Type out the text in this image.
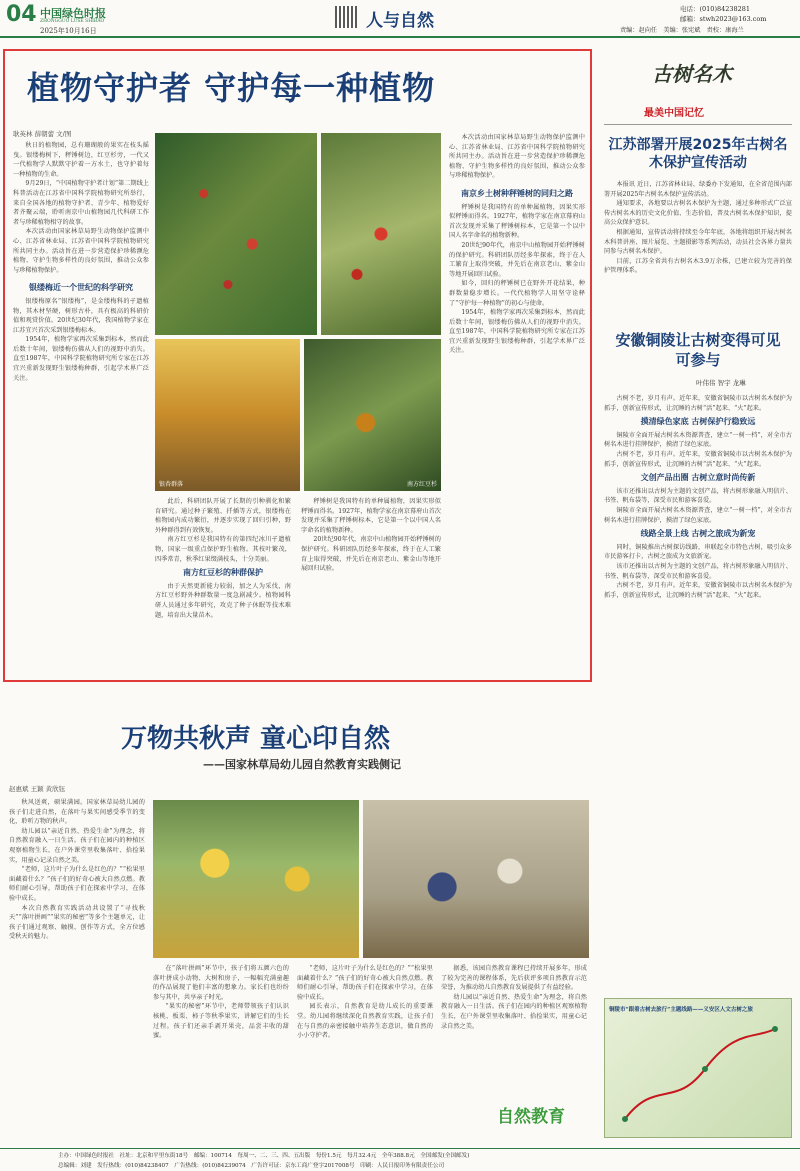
04 中国绿色时报
ZHONGGUO LÜSE SHIBAO
2025年10月16日	人与自然
电话：(010)84238281
邮箱：stwh2023@163.com
责编：赵向任　美编：张宪斌　责校：康海兰
植物守护者 守护每一种植物
耿英林 薛朝蕾 文/图

秋日的植物园，总有珊瑚般的果实在枝头摇曳。银缕梅树下，秤锤树边，红豆杉旁，一代又一代植物学人默默守护着一方水土，也守护着每一种植物的生命。

9月29日，“中国植物守护者计划”第二期线上科普活动在江苏省中国科学院植物研究所举行，来自全国各地的植物守护者、青少年、植物爱好者齐聚云端，聆听南京中山植物园几代科研工作者与珍稀植物相守的故事。

本次活动由国家林草局野生动物保护监测中心、江苏省林业局、江苏省中国科学院植物研究所共同主办。活动旨在进一步营造保护珍稀濒危植物、守护生物多样性的良好氛围，推动公众参与珍稀植物保护。

银缕梅近一个世纪的科学研究

银缕梅原名“银缕梅”，是金缕梅科的孑遗植物，其木材坚硬，树形古朴，具有极高的科研价值和观赏价值。20世纪30年代，我国植物学家在江苏宜兴首次采到银缕梅标本。

1954年，植物学家再次采集到标本，然而此后数十年间，银缕梅仿佛从人们的视野中消失。直至1987年，中国科学院植物研究所专家在江苏宜兴重新发现野生银缕梅种群，引起学术界广泛关注。

银杏群落	南方红豆杉

此后，科研团队开展了长期的引种驯化和繁育研究。通过种子繁殖、扦插等方式，银缕梅在植物园内成功繁衍，并逐步实现了回归引种，野外种群得到有效恢复。

南方红豆杉是我国特有的第四纪冰川孑遗植物，国家一级重点保护野生植物。其枝叶繁茂，四季常青，秋季红果缀满枝头，十分美丽。

南方红豆杉的种群保护

由于天然更新能力较弱，加之人为采伐，南方红豆杉野外种群数量一度急剧减少。植物园科研人员通过多年研究，攻克了种子休眠等技术难题，培育出大量苗木。

秤锤树是我国特有的单种属植物，因果实形似秤锤而得名。1927年，植物学家在南京幕府山首次发现并采集了秤锤树标本，它是第一个以中国人名字命名的植物新种。

20世纪90年代，南京中山植物园开始秤锤树的保护研究。科研团队历经多年探索，终于在人工繁育上取得突破，并先后在南京老山、紫金山等地开展回归试验。

本次活动由国家林草局野生动物保护监测中心、江苏省林业局、江苏省中国科学院植物研究所共同主办。活动旨在进一步营造保护珍稀濒危植物、守护生物多样性的良好氛围，推动公众参与珍稀植物保护。

南京乡土树种秤锤树的同归之路

秤锤树是我国特有的单种属植物，因果实形似秤锤而得名。1927年，植物学家在南京幕府山首次发现并采集了秤锤树标本，它是第一个以中国人名字命名的植物新种。

20世纪90年代，南京中山植物园开始秤锤树的保护研究。科研团队历经多年探索，终于在人工繁育上取得突破，并先后在南京老山、紫金山等地开展回归试验。

如今，回归的秤锤树已在野外开花结果，种群数量稳步增长。一代代植物学人用坚守诠释了“守护每一种植物”的初心与使命。

1954年，植物学家再次采集到标本，然而此后数十年间，银缕梅仿佛从人们的视野中消失。直至1987年，中国科学院植物研究所专家在江苏宜兴重新发现野生银缕梅种群，引起学术界广泛关注。

万物共秋声 童心印自然
——国家林草局幼儿园自然教育实践侧记
赵惠斌 王颖 黄欣钰

秋风送爽，硕果满园。国家林草局幼儿园的孩子们走进自然，在落叶与果实间感受季节的变化，聆听万物的秋声。

幼儿园以“亲近自然、热爱生命”为理念，将自然教育融入一日生活。孩子们在园内的种植区观察植物生长，在户外课堂里收集落叶、拾捡果实，用童心记录自然之美。

“老师，这片叶子为什么是红色的？”“松果里面藏着什么？”孩子们的好奇心被大自然点燃。教师们耐心引导，帮助孩子们在探索中学习，在体验中成长。

本次自然教育实践活动共设置了“寻找秋天”“落叶拼画”“果实的秘密”等多个主题单元，让孩子们通过观察、触摸、创作等方式，全方位感受秋天的魅力。

在“落叶拼画”环节中，孩子们将五颜六色的落叶拼成小动物、大树和房子，一幅幅充满童趣的作品展现了他们丰富的想象力。家长们也纷纷参与其中，共享亲子时光。

“果实的秘密”环节中，老师带领孩子们认识核桃、板栗、柿子等秋季果实，讲解它们的生长过程。孩子们还亲手剥开果壳，品尝丰收的甜蜜。

“老师，这片叶子为什么是红色的？”“松果里面藏着什么？”孩子们的好奇心被大自然点燃。教师们耐心引导，帮助孩子们在探索中学习，在体验中成长。

园长表示，自然教育是幼儿成长的重要课堂。幼儿园将继续深化自然教育实践，让孩子们在与自然的亲密接触中培养生态意识，做自然的小小守护者。

据悉，该园自然教育课程已持续开展多年，形成了较为完善的课程体系，先后获评多项自然教育示范荣誉，为推动幼儿自然教育发展提供了有益经验。

幼儿园以“亲近自然、热爱生命”为理念，将自然教育融入一日生活。孩子们在园内的种植区观察植物生长，在户外课堂里收集落叶、拾捡果实，用童心记录自然之美。

自然教育
古树名木
最美中国记忆
江苏部署开展2025年古树名木保护宣传活动

本报讯 近日，江苏省林业局、绿委办下发通知，在全省范围内部署开展2025年古树名木保护宣传活动。

通知要求，各地要以古树名木保护为主题，通过多种形式广泛宣传古树名木的历史文化价值、生态价值，普及古树名木保护知识，提高公众保护意识。

根据通知，宣传活动将持续至今年年底，各地将组织开展古树名木科普讲座、图片展览、主题摄影等系列活动，动员社会各界力量共同参与古树名木保护。

目前，江苏全省共有古树名木3.9万余株，已建立较为完善的保护管理体系。

安徽铜陵让古树变得可见可参与
叶伟伟 智宇 龙琳

古树不老，岁月有声。近年来，安徽省铜陵市以古树名木保护为抓手，创新宣传形式，让沉睡的古树“活”起来、“火”起来。

摸清绿色家底 古树保护行稳致远

铜陵市全面开展古树名木资源普查，建立“一树一档”，对全市古树名木进行挂牌保护，摸清了绿色家底。

古树不老，岁月有声。近年来，安徽省铜陵市以古树名木保护为抓手，创新宣传形式，让沉睡的古树“活”起来、“火”起来。

文创产品出圈 古树立意时尚传新

该市还推出以古树为主题的文创产品，将古树形象融入明信片、书签、帆布袋等，深受市民和游客喜爱。

铜陵市全面开展古树名木资源普查，建立“一树一档”，对全市古树名木进行挂牌保护，摸清了绿色家底。

线路全景上线 古树之旅成为新宠

同时，铜陵推出古树探访线路，串联起全市特色古树，吸引众多市民游客打卡，古树之旅成为文旅新宠。

该市还推出以古树为主题的文创产品，将古树形象融入明信片、书签、帆布袋等，深受市民和游客喜爱。

古树不老，岁月有声。近年来，安徽省铜陵市以古树名木保护为抓手，创新宣传形式，让沉睡的古树“活”起来、“火”起来。

铜陵市“跟着古树去旅行”主题线路——义安区人文古树之旅
主办：中国绿色时报社　社址：北京和平里东街18号　邮编：100714　每周一、二、三、四、五出版　每份1.5元　每月32.4元　全年388.8元　全国邮发(全国邮发)
总编辑：刘建　发行热线：(010)84238407　广告热线：(010)84239074　广告许可证：京东工商广登字2017008号　印刷：人民日报印务有限责任公司
